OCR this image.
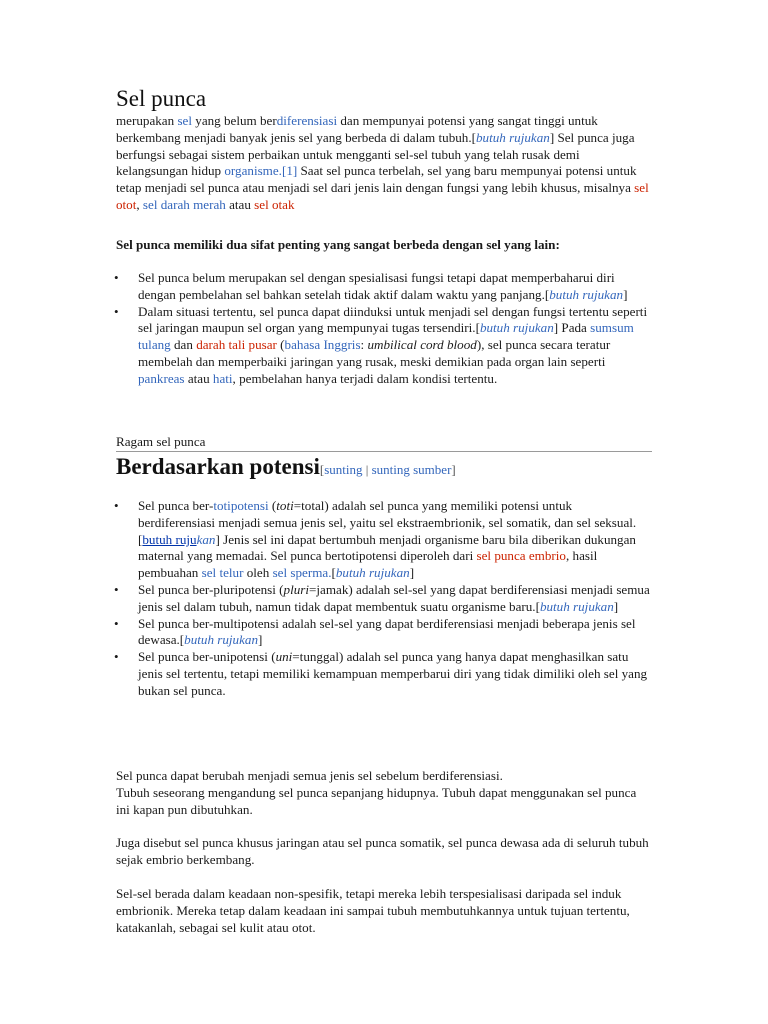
Sel punca

merupakan sel yang belum berdiferensiasi dan mempunyai potensi yang sangat tinggi untuk berkembang menjadi banyak jenis sel yang berbeda di dalam tubuh.[butuh rujukan] Sel punca juga berfungsi sebagai sistem perbaikan untuk mengganti sel-sel tubuh yang telah rusak demi kelangsungan hidup organisme.[1] Saat sel punca terbelah, sel yang baru mempunyai potensi untuk tetap menjadi sel punca atau menjadi sel dari jenis lain dengan fungsi yang lebih khusus, misalnya sel otot, sel darah merah atau sel otak

Sel punca memiliki dua sifat penting yang sangat berbeda dengan sel yang lain:

• Sel punca belum merupakan sel dengan spesialisasi fungsi tetapi dapat memperbaharui diri dengan pembelahan sel bahkan setelah tidak aktif dalam waktu yang panjang.[butuh rujukan]
• Dalam situasi tertentu, sel punca dapat diinduksi untuk menjadi sel dengan fungsi tertentu seperti sel jaringan maupun sel organ yang mempunyai tugas tersendiri.[butuh rujukan] Pada sumsum tulang dan darah tali pusar (bahasa Inggris: umbilical cord blood), sel punca secara teratur membelah dan memperbaiki jaringan yang rusak, meski demikian pada organ lain seperti pankreas atau hati, pembelahan hanya terjadi dalam kondisi tertentu.
Ragam sel punca
Berdasarkan potensi[sunting | sunting sumber]
• Sel punca ber-totipotensi (toti=total) adalah sel punca yang memiliki potensi untuk berdiferensiasi menjadi semua jenis sel, yaitu sel ekstraembrionik, sel somatik, dan sel seksual.[butuh rujukan] Jenis sel ini dapat bertumbuh menjadi organisme baru bila diberikan dukungan maternal yang memadai. Sel punca bertotipotensi diperoleh dari sel punca embrio, hasil pembuahan sel telur oleh sel sperma.[butuh rujukan]
• Sel punca ber-pluripotensi (pluri=jamak) adalah sel-sel yang dapat berdiferensiasi menjadi semua jenis sel dalam tubuh, namun tidak dapat membentuk suatu organisme baru.[butuh rujukan]
• Sel punca ber-multipotensi adalah sel-sel yang dapat berdiferensiasi menjadi beberapa jenis sel dewasa.[butuh rujukan]
• Sel punca ber-unipotensi (uni=tunggal) adalah sel punca yang hanya dapat menghasilkan satu jenis sel tertentu, tetapi memiliki kemampuan memperbarui diri yang tidak dimiliki oleh sel yang bukan sel punca.

Sel punca dapat berubah menjadi semua jenis sel sebelum berdiferensiasi.
Tubuh seseorang mengandung sel punca sepanjang hidupnya. Tubuh dapat menggunakan sel punca ini kapan pun dibutuhkan.

Juga disebut sel punca khusus jaringan atau sel punca somatik, sel punca dewasa ada di seluruh tubuh sejak embrio berkembang.

Sel-sel berada dalam keadaan non-spesifik, tetapi mereka lebih terspesialisasi daripada sel induk embrionik. Mereka tetap dalam keadaan ini sampai tubuh membutuhkannya untuk tujuan tertentu, katakanlah, sebagai sel kulit atau otot.
